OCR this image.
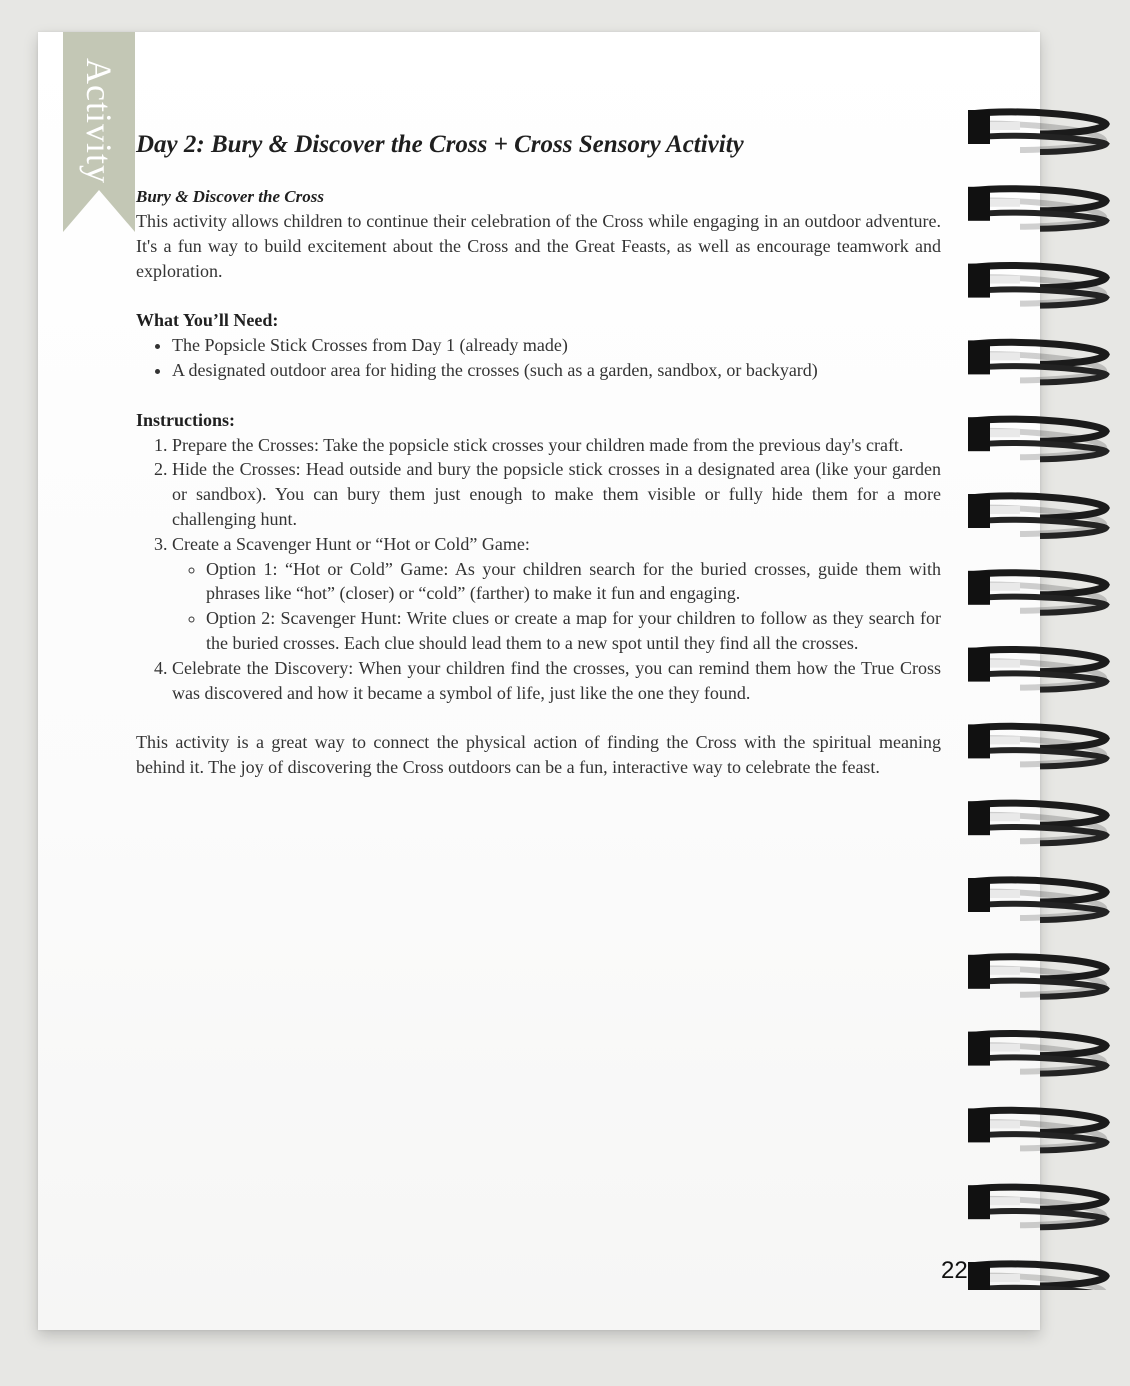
Activity Day 2: Bury & Discover the Cross + Cross Sensory Activity
Bury & Discover the Cross

This activity allows children to continue their celebration of the Cross while engaging in an outdoor adventure. It's a fun way to build excitement about the Cross and the Great Feasts, as well as encourage teamwork and exploration.

What You’ll Need:
• The Popsicle Stick Crosses from Day 1 (already made)
• A designated outdoor area for hiding the crosses (such as a garden, sandbox, or backyard)
Instructions:
1. Prepare the Crosses: Take the popsicle stick crosses your children made from the previous day's craft.
2. Hide the Crosses: Head outside and bury the popsicle stick crosses in a designated area (like your garden or sandbox). You can bury them just enough to make them visible or fully hide them for a more challenging hunt.
3. Create a Scavenger Hunt or “Hot or Cold” Game:
◦ Option 1: “Hot or Cold” Game: As your children search for the buried crosses, guide them with phrases like “hot” (closer) or “cold” (farther) to make it fun and engaging.
◦ Option 2: Scavenger Hunt: Write clues or create a map for your children to follow as they search for the buried crosses. Each clue should lead them to a new spot until they find all the crosses.
4. Celebrate the Discovery: When your children find the crosses, you can remind them how the True Cross was discovered and how it became a symbol of life, just like the one they found.

This activity is a great way to connect the physical action of finding the Cross with the spiritual meaning behind it. The joy of discovering the Cross outdoors can be a fun, interactive way to celebrate the feast.

22
